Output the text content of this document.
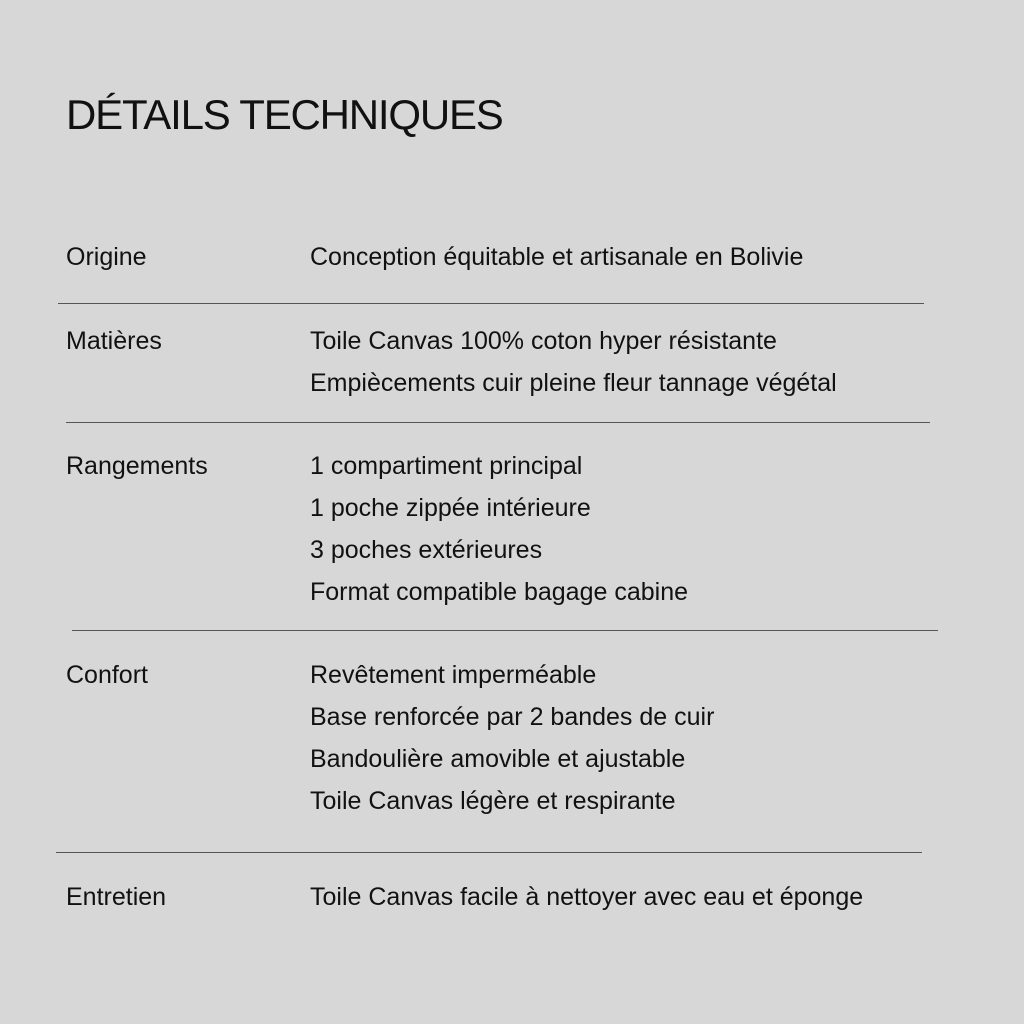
DÉTAILS TECHNIQUES
Origine	Conception équitable et artisanale en Bolivie
Matières	Toile Canvas 100% coton hyper résistante
Empiècements cuir pleine fleur tannage végétal
Rangements	1 compartiment principal
1 poche zippée intérieure
3 poches extérieures
Format compatible bagage cabine
Confort	Revêtement imperméable
Base renforcée par 2 bandes de cuir
Bandoulière amovible et ajustable
Toile Canvas légère et respirante
Entretien	Toile Canvas facile à nettoyer avec eau et éponge
